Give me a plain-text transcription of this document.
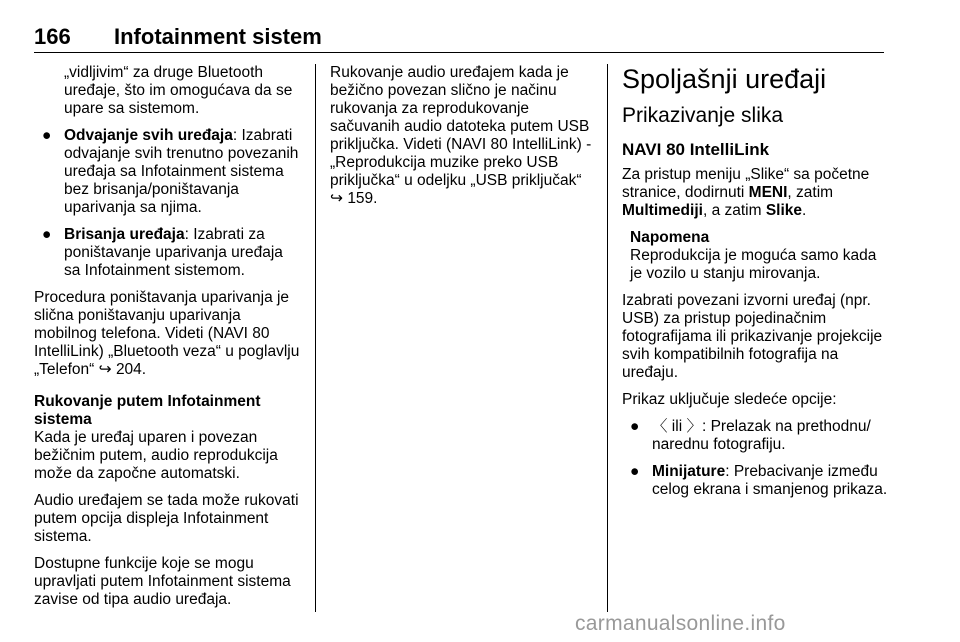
166 Infotainment sistem

„vidljivim“ za druge Bluetooth uređaje, što im omogućava da se upare sa sistemom.

● Odvajanje svih uređaja: Izabrati odvajanje svih trenutno povezanih uređaja sa Infotainment sistema bez brisanja/poništavanja uparivanja sa njima.
● Brisanja uređaja: Izabrati za poništavanje uparivanja uređaja sa Infotainment sistemom.

Procedura poništavanja uparivanja je slična poništavanju uparivanja mobilnog telefona. Videti (NAVI 80 IntelliLink) „Bluetooth veza“ u poglavlju „Telefon“ ↪ 204.

Rukovanje putem Infotainment sistema

Kada je uređaj uparen i povezan bežičnim putem, audio reprodukcija može da započne automatski.

Audio uređajem se tada može rukovati putem opcija displeja Infotainment sistema.

Dostupne funkcije koje se mogu upravljati putem Infotainment sistema zavise od tipa audio uređaja.

Rukovanje audio uređajem kada je bežično povezan slično je načinu rukovanja za reprodukovanje sačuvanih audio datoteka putem USB priključka. Videti (NAVI 80 IntelliLink) - „Reprodukcija muzike preko USB priključka“ u odeljku „USB priključak“ ↪ 159.

Spoljašnji uređaji
Prikazivanje slika
NAVI 80 IntelliLink

Za pristup meniju „Slike“ sa početne stranice, dodirnuti MENI, zatim Multimediji, a zatim Slike.

Napomena

Reprodukcija je moguća samo kada je vozilo u stanju mirovanja.

Izabrati povezani izvorni uređaj (npr. USB) za pristup pojedinačnim fotografijama ili prikazivanje projekcije svih kompatibilnih fotografija na uređaju.

Prikaz uključuje sledeće opcije:

● 〈 ili 〉: Prelazak na prethodnu/ narednu fotografiju.
● Minijature: Prebacivanje između celog ekrana i smanjenog prikaza.
carmanualsonline.info
